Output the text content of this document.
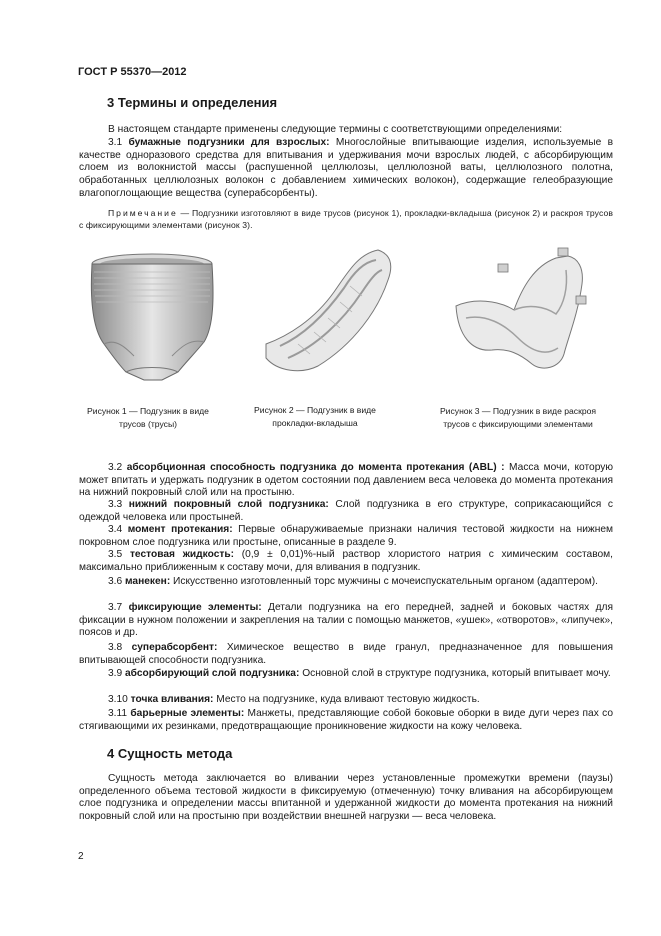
ГОСТ Р 55370—2012
3 Термины и определения
В настоящем стандарте применены следующие термины с соответствующими определениями:
3.1 бумажные подгузники для взрослых: Многослойные впитывающие изделия, используемые в качестве одноразового средства для впитывания и удерживания мочи взрослых людей, с абсорбирующим слоем из волокнистой массы (распушенной целлюлозы, целлюлозной ваты, целлюлозного полотна, обработанных целлюлозных волокон с добавлением химических волокон), содержащие гелеобразующие влагопоглощающие вещества (суперабсорбенты).
Примечание — Подгузники изготовляют в виде трусов (рисунок 1), прокладки-вкладыша (рисунок 2) и раскроя трусов с фиксирующими элементами (рисунок 3).
Рисунок 1 — Подгузник в виде трусов (трусы)
Рисунок 2 — Подгузник в виде прокладки-вкладыша
Рисунок 3 — Подгузник в виде раскроя трусов с фиксирующими элементами
3.2 абсорбционная способность подгузника до момента протекания (ABL) : Масса мочи, которую может впитать и удержать подгузник в одетом состоянии под давлением веса человека до момента протекания на нижний покровный слой или на простыню.
3.3 нижний покровный слой подгузника: Слой подгузника в его структуре, соприкасающийся с одеждой человека или простыней.
3.4 момент протекания: Первые обнаруживаемые признаки наличия тестовой жидкости на нижнем покровном слое подгузника или простыне, описанные в разделе 9.
3.5 тестовая жидкость: (0,9 ± 0,01)%-ный раствор хлористого натрия с химическим составом, максимально приближенным к составу мочи, для вливания в подгузник.
3.6 манекен: Искусственно изготовленный торс мужчины с мочеиспускательным органом (адаптером).
3.7 фиксирующие элементы: Детали подгузника на его передней, задней и боковых частях для фиксации в нужном положении и закрепления на талии с помощью манжетов, «ушек», «отворотов», «липучек», поясов и др.
3.8 суперабсорбент: Химическое вещество в виде гранул, предназначенное для повышения впитывающей способности подгузника.
3.9 абсорбирующий слой подгузника: Основной слой в структуре подгузника, который впитывает мочу.
3.10 точка вливания: Место на подгузнике, куда вливают тестовую жидкость.
3.11 барьерные элементы: Манжеты, представляющие собой боковые оборки в виде дуги через пах со стягивающими их резинками, предотвращающие проникновение жидкости на кожу человека.
4 Сущность метода
Сущность метода заключается во вливании через установленные промежутки времени (паузы) определенного объема тестовой жидкости в фиксируемую (отмеченную) точку вливания на абсорбирующем слое подгузника и определении массы впитанной и удержанной жидкости до момента протекания на нижний покровный слой или на простыню при воздействии внешней нагрузки — веса человека.
2
